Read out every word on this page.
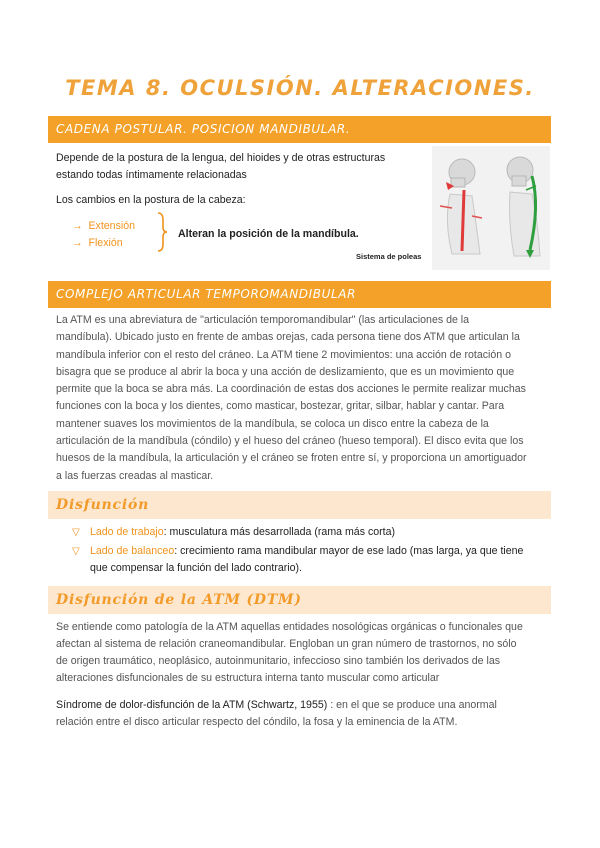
TEMA 8. OCULSIÓN. ALTERACIONES.
CADENA POSTULAR. POSICION MANDIBULAR.
Depende de la postura de la lengua, del hioides y de otras estructuras
estando todas íntimamente relacionadas
Los cambios en la postura de la cabeza:
→ Extensión
→ Flexión
Alteran la posición de la mandíbula.
Sistema de poleas
COMPLEJO ARTICULAR TEMPOROMANDIBULAR
La ATM es una abreviatura de "articulación temporomandibular" (las articulaciones de la
mandíbula). Ubicado justo en frente de ambas orejas, cada persona tiene dos ATM que articulan la
mandíbula inferior con el resto del cráneo. La ATM tiene 2 movimientos: una acción de rotación o
bisagra que se produce al abrir la boca y una acción de deslizamiento, que es un movimiento que
permite que la boca se abra más. La coordinación de estas dos acciones le permite realizar muchas
funciones con la boca y los dientes, como masticar, bostezar, gritar, silbar, hablar y cantar. Para
mantener suaves los movimientos de la mandíbula, se coloca un disco entre la cabeza de la
articulación de la mandíbula (cóndilo) y el hueso del cráneo (hueso temporal). El disco evita que los
huesos de la mandíbula, la articulación y el cráneo se froten entre sí, y proporciona un amortiguador
a las fuerzas creadas al masticar.
Disfunción
▽ Lado de trabajo: musculatura más desarrollada (rama más corta)
▽ Lado de balanceo: crecimiento rama mandibular mayor de ese lado (mas larga, ya que tiene
que compensar la función del lado contrario).
Disfunción de la ATM (DTM)
Se entiende como patología de la ATM aquellas entidades nosológicas orgánicas o funcionales que
afectan al sistema de relación craneomandibular. Engloban un gran número de trastornos, no sólo
de origen traumático, neoplásico, autoinmunitario, infeccioso sino también los derivados de las
alteraciones disfuncionales de su estructura interna tanto muscular como articular
Síndrome de dolor-disfunción de la ATM (Schwartz, 1955) : en el que se produce una anormal
relación entre el disco articular respecto del cóndilo, la fosa y la eminencia de la ATM.
